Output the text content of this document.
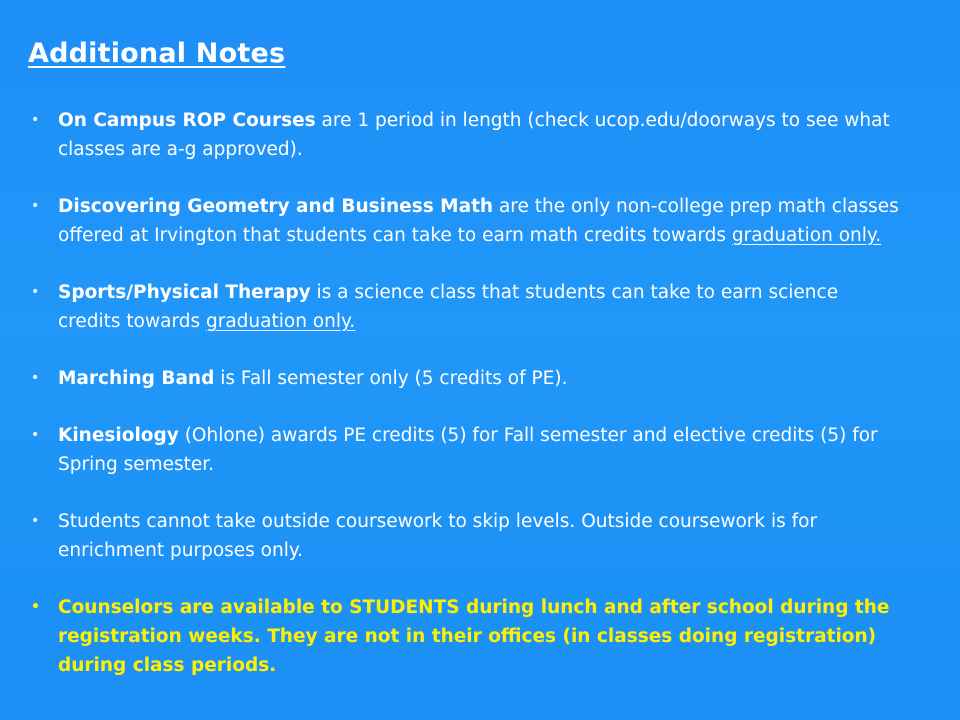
Additional Notes
• On Campus ROP Courses are 1 period in length (check ucop.edu/doorways to see what classes are a-g approved).
• Discovering Geometry and Business Math are the only non-college prep math classes offered at Irvington that students can take to earn math credits towards graduation only.
• Sports/Physical Therapy is a science class that students can take to earn science credits towards graduation only.
• Marching Band is Fall semester only (5 credits of PE).
• Kinesiology (Ohlone) awards PE credits (5) for Fall semester and elective credits (5) for Spring semester.
• Students cannot take outside coursework to skip levels. Outside coursework is for enrichment purposes only.
• Counselors are available to STUDENTS during lunch and after school during the registration weeks. They are not in their offices (in classes doing registration) during class periods.
